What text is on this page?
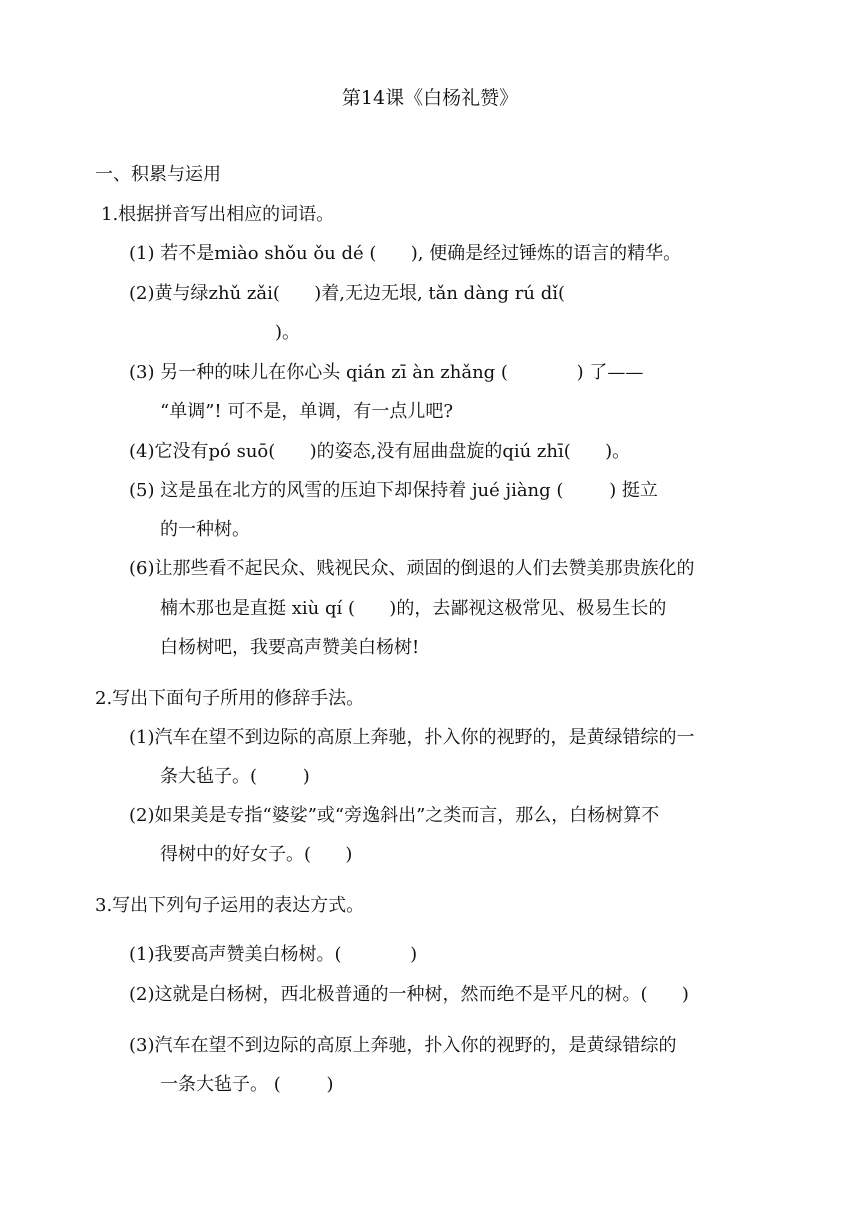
第14课《白杨礼赞》
一、积累与运用
1.根据拼音写出相应的词语。
(1) 若不是miào shǒu ǒu dé (      ), 便确是经过锤炼的语言的精华。
(2)黄与绿zhǔ zǎi(      )着,无边无垠, tǎn dàng rú dǐ(
)。
(3) 另一种的味儿在你心头 qián zī àn zhǎng (            ) 了——
“单调”! 可不是，单调，有一点儿吧?
(4)它没有pó suō(      )的姿态,没有屈曲盘旋的qiú zhī(      )。
(5) 这是虽在北方的风雪的压迫下却保持着 jué jiàng (        ) 挺立
的一种树。
(6)让那些看不起民众、贱视民众、顽固的倒退的人们去赞美那贵族化的
楠木那也是直挺 xiù qí (      )的，去鄙视这极常见、极易生长的
白杨树吧，我要高声赞美白杨树!
2.写出下面句子所用的修辞手法。
(1)汽车在望不到边际的高原上奔驰，扑入你的视野的，是黄绿错综的一
条大毡子。(        )
(2)如果美是专指“婆娑”或“旁逸斜出”之类而言，那么，白杨树算不
得树中的好女子。(      )
3.写出下列句子运用的表达方式。
(1)我要高声赞美白杨树。(            )
(2)这就是白杨树，西北极普通的一种树，然而绝不是平凡的树。(      )
(3)汽车在望不到边际的高原上奔驰，扑入你的视野的，是黄绿错综的
一条大毡子。 (        )
